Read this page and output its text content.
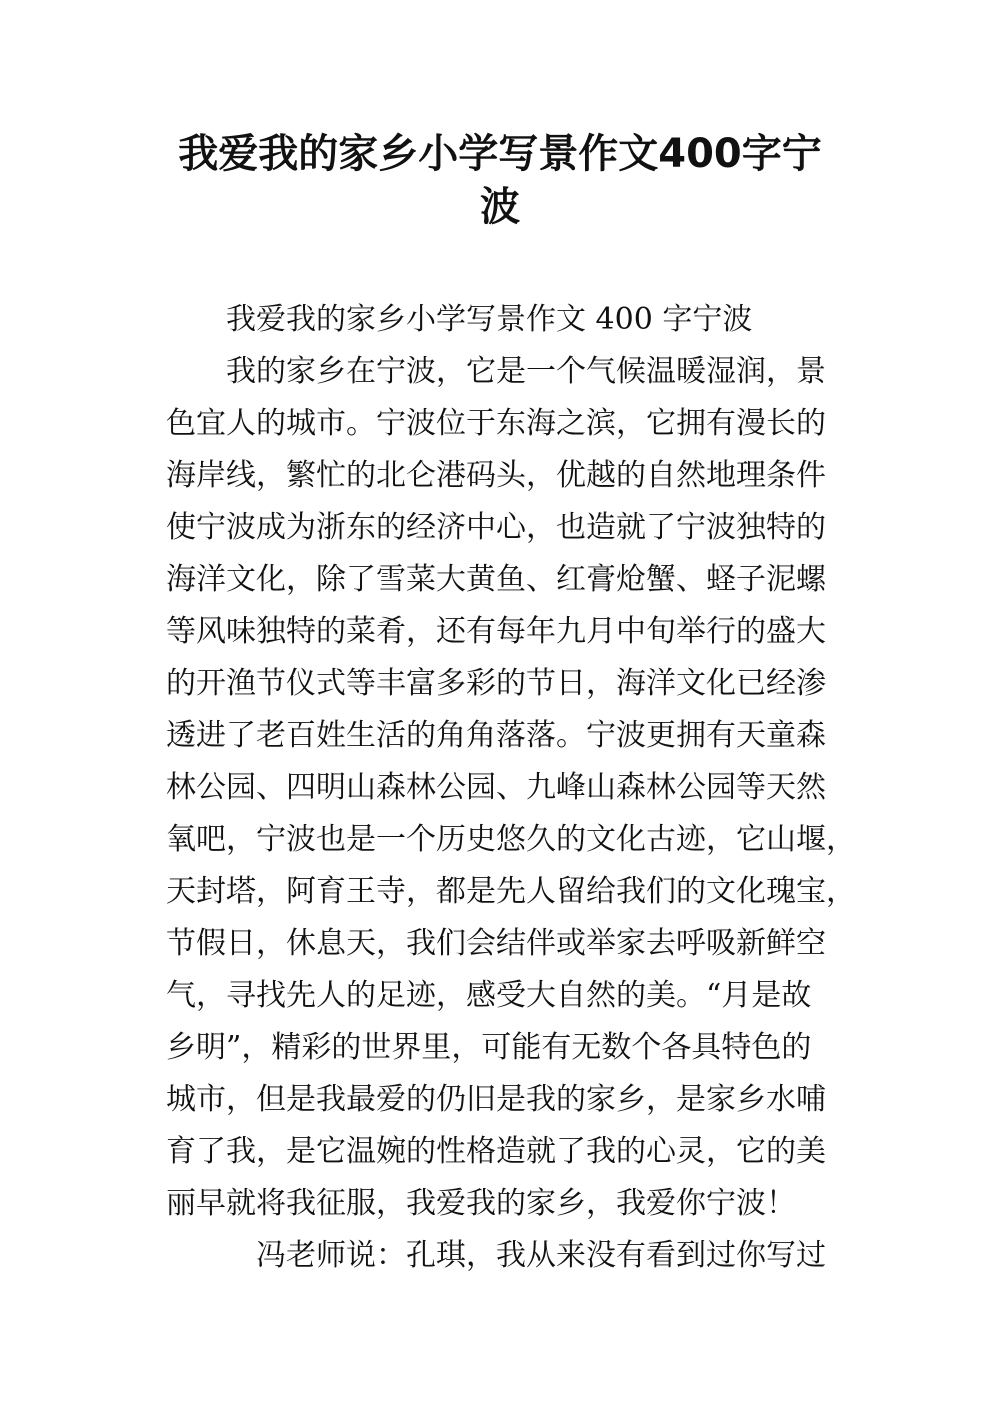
我爱我的家乡小学写景作文400字宁
波
我爱我的家乡小学写景作文 400 字宁波
我的家乡在宁波，它是一个气候温暖湿润，景
色宜人的城市。宁波位于东海之滨，它拥有漫长的
海岸线，繁忙的北仑港码头，优越的自然地理条件
使宁波成为浙东的经济中心，也造就了宁波独特的
海洋文化，除了雪菜大黄鱼、红膏炝蟹、蛏子泥螺
等风味独特的菜肴，还有每年九月中旬举行的盛大
的开渔节仪式等丰富多彩的节日，海洋文化已经渗
透进了老百姓生活的角角落落。宁波更拥有天童森
林公园、四明山森林公园、九峰山森林公园等天然
氧吧，宁波也是一个历史悠久的文化古迹，它山堰，
天封塔，阿育王寺，都是先人留给我们的文化瑰宝，
节假日，休息天，我们会结伴或举家去呼吸新鲜空
气，寻找先人的足迹，感受大自然的美。“月是故
乡明”，精彩的世界里，可能有无数个各具特色的
城市，但是我最爱的仍旧是我的家乡，是家乡水哺
育了我，是它温婉的性格造就了我的心灵，它的美
丽早就将我征服，我爱我的家乡，我爱你宁波！
冯老师说：孔琪，我从来没有看到过你写过
